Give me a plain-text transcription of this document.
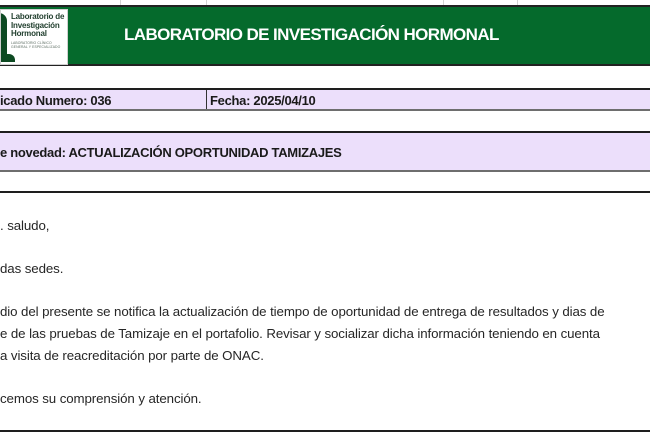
Laboratorio de
Investigación
Hormonal
LABORATORIO CLÍNICO
GENERAL Y ESPECIALIZADO
LABORATORIO DE INVESTIGACIÓN HORMONAL
icado Numero: 036	Fecha: 2025/04/10
e novedad: ACTUALIZACIÓN OPORTUNIDAD TAMIZAJES
. saludo,
das sedes.
dio del presente se notifica la actualización de tiempo de oportunidad de entrega de resultados y dias de
e de las pruebas de Tamizaje en el portafolio. Revisar y socializar dicha información teniendo en cuenta
a visita de reacreditación por parte de ONAC.
cemos su comprensión y atención.
